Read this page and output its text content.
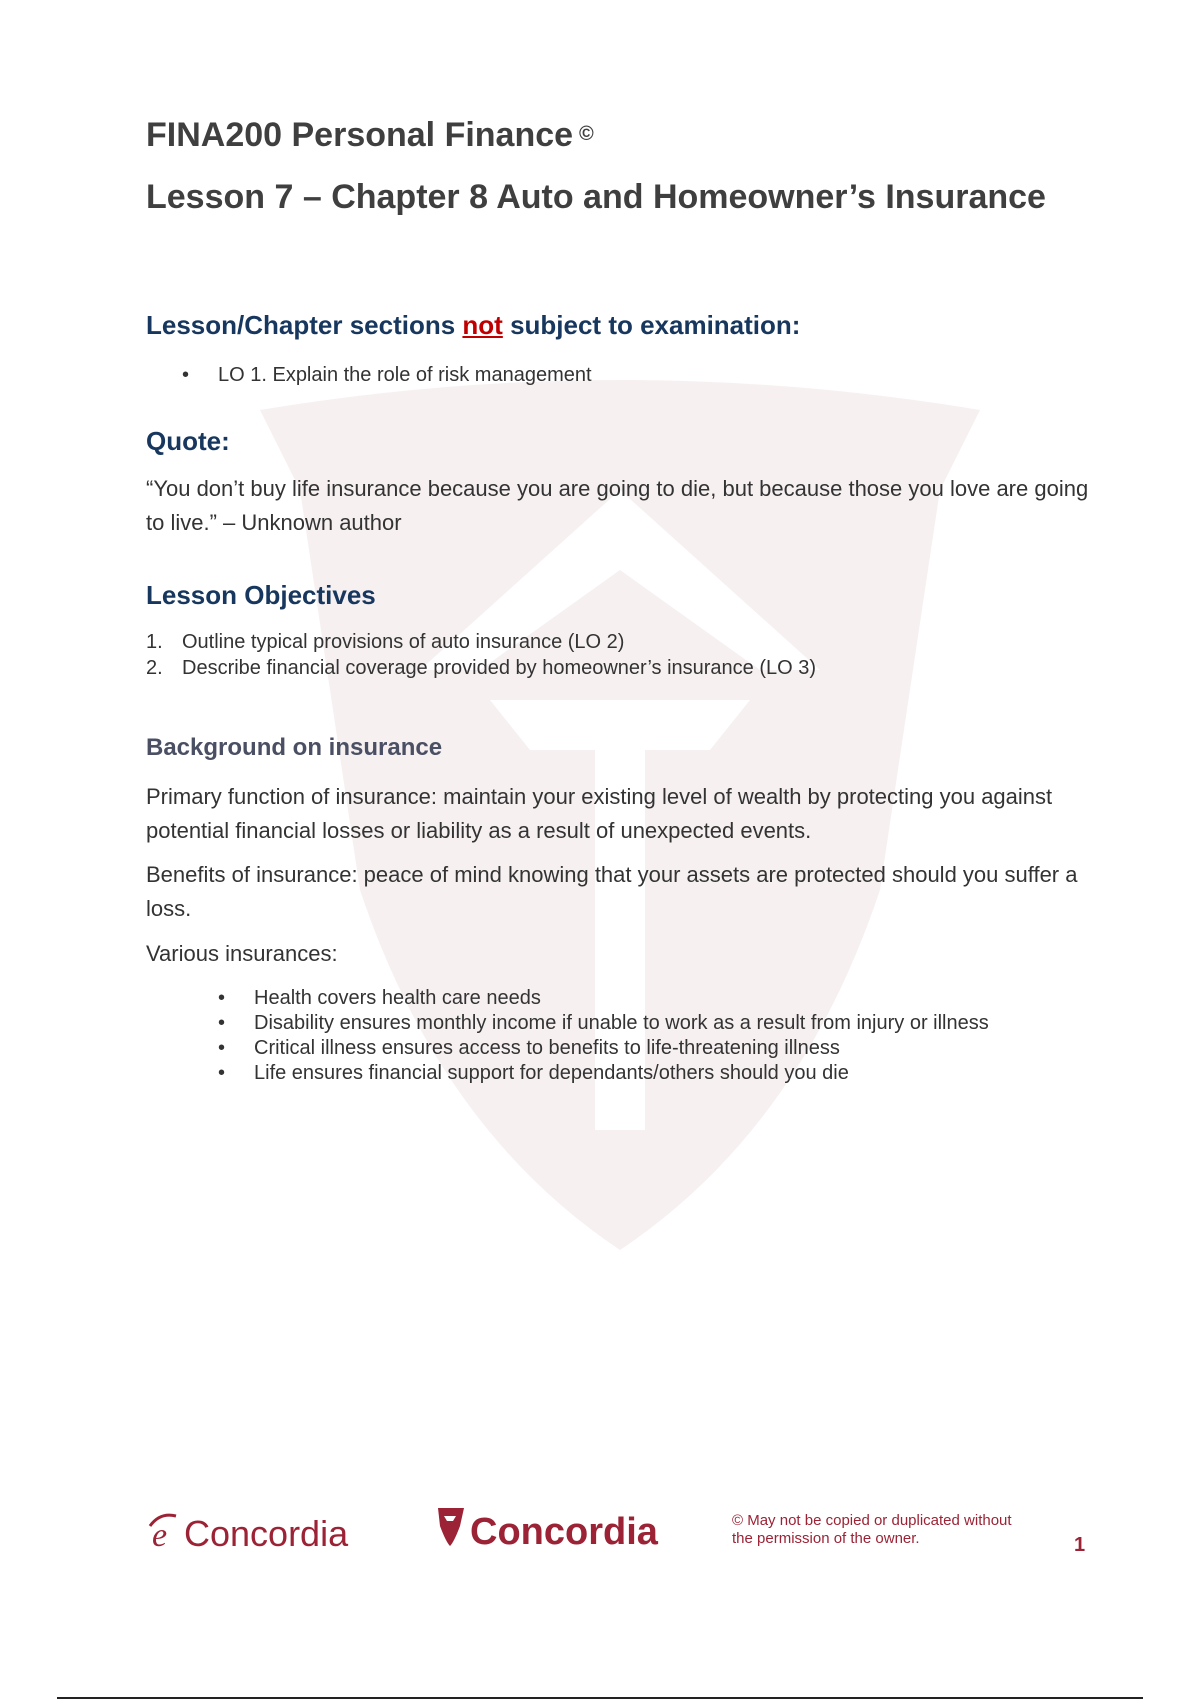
FINA200 Personal Finance ©
Lesson 7 – Chapter 8 Auto and Homeowner’s Insurance
Lesson/Chapter sections not subject to examination:
• LO 1. Explain the role of risk management
Quote:

“You don’t buy life insurance because you are going to die, but because those you love are going to live.” – Unknown author

Lesson Objectives
1. Outline typical provisions of auto insurance (LO 2)
2. Describe financial coverage provided by homeowner’s insurance (LO 3)
Background on insurance

Primary function of insurance: maintain your existing level of wealth by protecting you against potential financial losses or liability as a result of unexpected events.

Benefits of insurance: peace of mind knowing that your assets are protected should you suffer a loss.

Various insurances:

• Health covers health care needs
• Disability ensures monthly income if unable to work as a result from injury or illness
• Critical illness ensures access to benefits to life-threatening illness
• Life ensures financial support for dependants/others should you die
e Concordia	Concordia	© May not be copied or duplicated without the permission of the owner.	1
